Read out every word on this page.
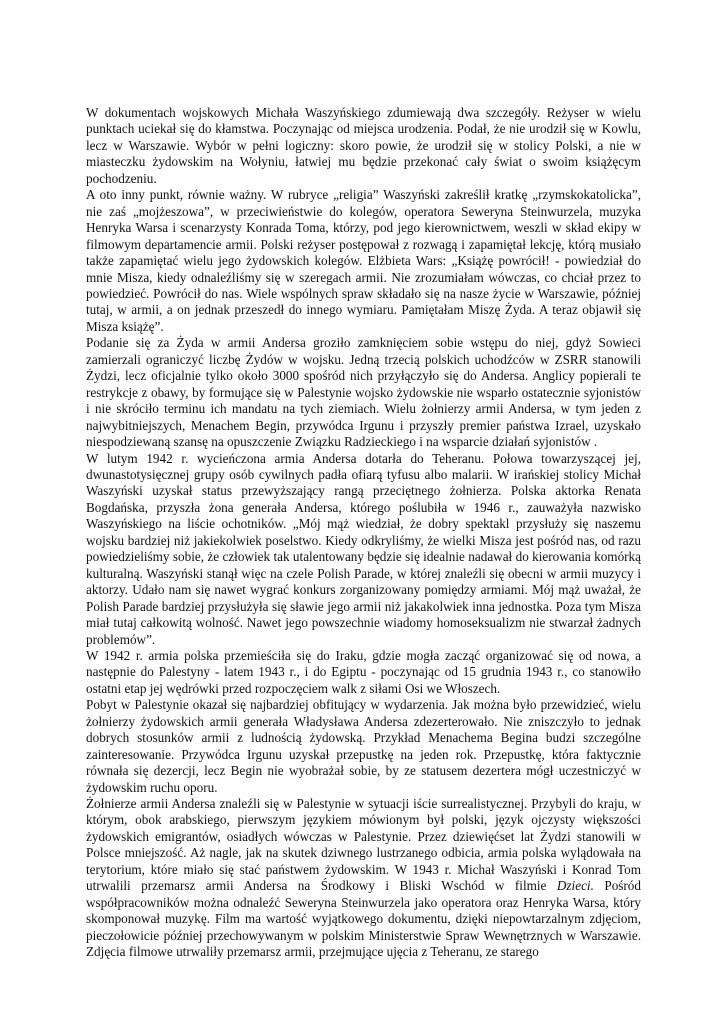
W dokumentach wojskowych Michała Waszyńskiego zdumiewają dwa szczegóły. Reżyser w wielu punktach uciekał się do kłamstwa. Poczynając od miejsca urodzenia. Podał, że nie urodził się w Kowlu, lecz w Warszawie. Wybór w pełni logiczny: skoro powie, że urodził się w stolicy Polski, a nie w miasteczku żydowskim na Wołyniu, łatwiej mu będzie przekonać cały świat o swoim książęcym pochodzeniu.

A oto inny punkt, równie ważny. W rubryce „religia” Waszyński zakreślił kratkę „rzymskokatolicka”, nie zaś „mojżeszowa”, w przeciwieństwie do kolegów, operatora Seweryna Steinwurzela, muzyka Henryka Warsa i scenarzysty Konrada Toma, którzy, pod jego kierownictwem, weszli w skład ekipy w filmowym departamencie armii. Polski reżyser postępował z rozwagą i zapamiętał lekcję, którą musiało także zapamiętać wielu jego żydowskich kolegów. Elżbieta Wars: „Książę powrócił! - powiedział do mnie Misza, kiedy odnaleźliśmy się w szeregach armii. Nie zrozumiałam wówczas, co chciał przez to powiedzieć. Powrócił do nas. Wiele wspólnych spraw składało się na nasze życie w Warszawie, później tutaj, w armii, a on jednak przeszedł do innego wymiaru. Pamiętałam Miszę Żyda. A teraz objawił się Misza książę”.

Podanie się za Żyda w armii Andersa groziło zamknięciem sobie wstępu do niej, gdyż Sowieci zamierzali ograniczyć liczbę Żydów w wojsku. Jedną trzecią polskich uchodźców w ZSRR stanowili Żydzi, lecz oficjalnie tylko około 3000 spośród nich przyłączyło się do Andersa. Anglicy popierali te restrykcje z obawy, by formujące się w Palestynie wojsko żydowskie nie wsparło ostatecznie syjonistów i nie skróciło terminu ich mandatu na tych ziemiach. Wielu żołnierzy armii Andersa, w tym jeden z najwybitniejszych, Menachem Begin, przywódca Irgunu i przyszły premier państwa Izrael, uzyskało niespodziewaną szansę na opuszczenie Związku Radzieckiego i na wsparcie działań syjonistów .

W lutym 1942 r. wycieńczona armia Andersa dotarła do Teheranu. Połowa towarzyszącej jej, dwunastotysięcznej grupy osób cywilnych padła ofiarą tyfusu albo malarii. W irańskiej stolicy Michał Waszyński uzyskał status przewyższający rangą przeciętnego żołnierza. Polska aktorka Renata Bogdańska, przyszła żona generała Andersa, którego poślubiła w 1946 r., zauważyła nazwisko Waszyńskiego na liście ochotników. „Mój mąż wiedział, że dobry spektakl przysłuży się naszemu wojsku bardziej niż jakiekolwiek poselstwo. Kiedy odkryliśmy, że wielki Misza jest pośród nas, od razu powiedzieliśmy sobie, że człowiek tak utalentowany będzie się idealnie nadawał do kierowania komórką kulturalną. Waszyński stanął więc na czele Polish Parade, w której znaleźli się obecni w armii muzycy i aktorzy. Udało nam się nawet wygrać konkurs zorganizowany pomiędzy armiami. Mój mąż uważał, że Polish Parade bardziej przysłużyła się sławie jego armii niż jakakolwiek inna jednostka. Poza tym Misza miał tutaj całkowitą wolność. Nawet jego powszechnie wiadomy homoseksualizm nie stwarzał żadnych problemów”.

W 1942 r. armia polska przemieściła się do Iraku, gdzie mogła zacząć organizować się od nowa, a następnie do Palestyny - latem 1943 r., i do Egiptu - poczynając od 15 grudnia 1943 r., co stanowiło ostatni etap jej wędrówki przed rozpoczęciem walk z siłami Osi we Włoszech.

Pobyt w Palestynie okazał się najbardziej obfitujący w wydarzenia. Jak można było przewidzieć, wielu żołnierzy żydowskich armii generała Władysława Andersa zdezerterowało. Nie zniszczyło to jednak dobrych stosunków armii z ludnością żydowską. Przykład Menachema Begina budzi szczególne zainteresowanie. Przywódca Irgunu uzyskał przepustkę na jeden rok. Przepustkę, która faktycznie równała się dezercji, lecz Begin nie wyobrażał sobie, by ze statusem dezertera mógł uczestniczyć w żydowskim ruchu oporu.

Żołnierze armii Andersa znaleźli się w Palestynie w sytuacji iście surrealistycznej. Przybyli do kraju, w którym, obok arabskiego, pierwszym językiem mówionym był polski, język ojczysty większości żydowskich emigrantów, osiadłych wówczas w Palestynie. Przez dziewięćset lat Żydzi stanowili w Polsce mniejszość. Aż nagle, jak na skutek dziwnego lustrzanego odbicia, armia polska wylądowała na terytorium, które miało się stać państwem żydowskim. W 1943 r. Michał Waszyński i Konrad Tom utrwalili przemarsz armii Andersa na Środkowy i Bliski Wschód w filmie Dzieci. Pośród współpracowników można odnaleźć Seweryna Steinwurzela jako operatora oraz Henryka Warsa, który skomponował muzykę. Film ma wartość wyjątkowego dokumentu, dzięki niepowtarzalnym zdjęciom, pieczołowicie później przechowywanym w polskim Ministerstwie Spraw Wewnętrznych w Warszawie. Zdjęcia filmowe utrwaliły przemarsz armii, przejmujące ujęcia z Teheranu, ze starego
